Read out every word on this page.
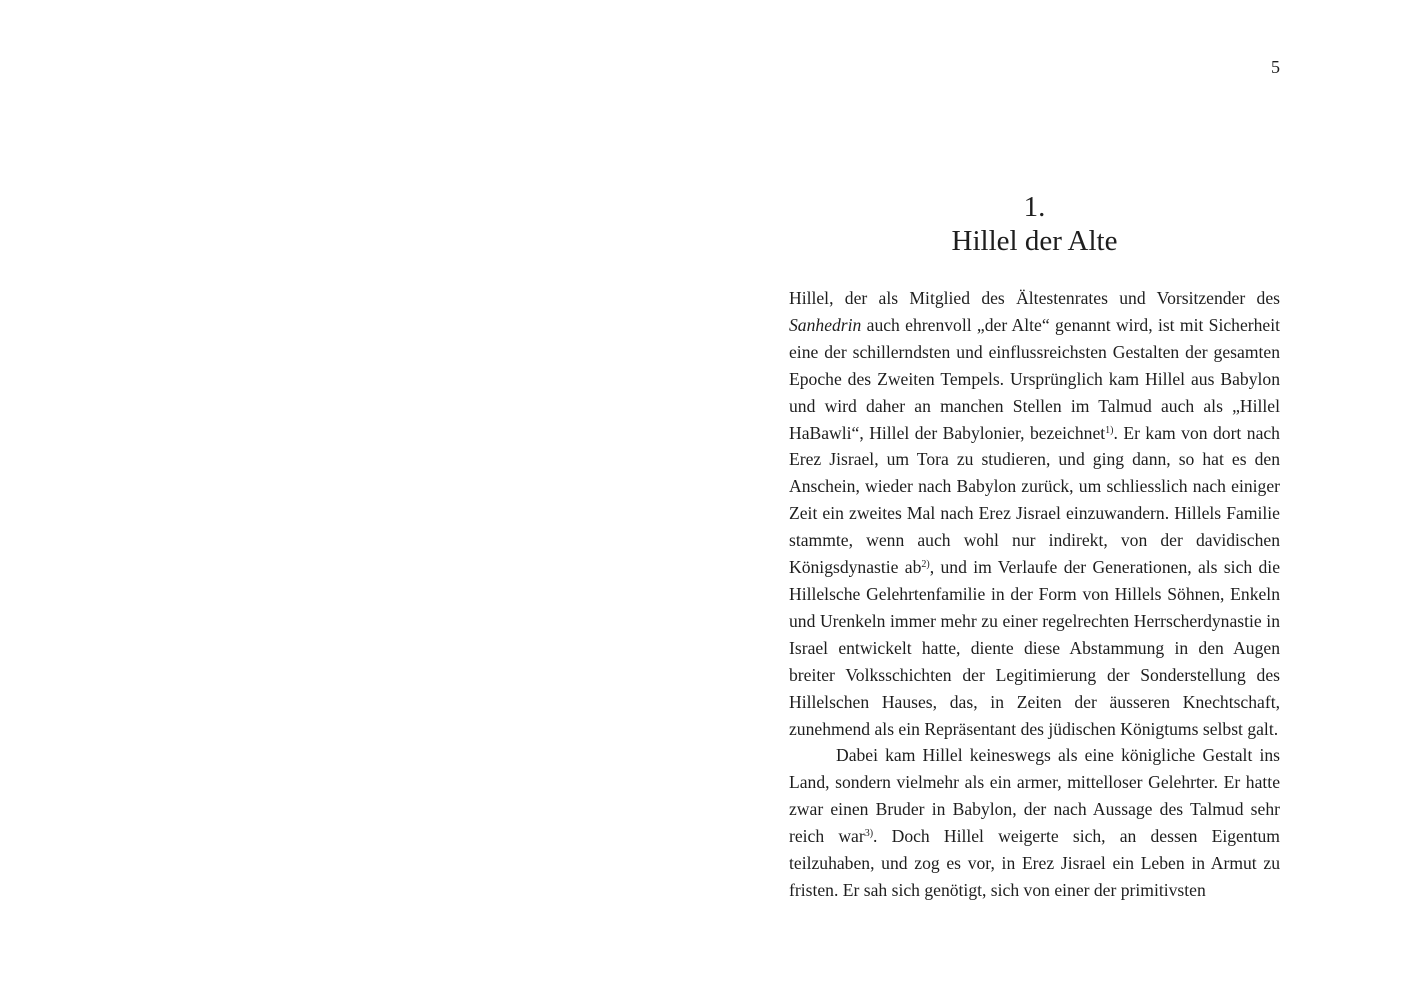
5
1.
Hillel der Alte

Hillel, der als Mitglied des Ältestenrates und Vorsitzender des Sanhedrin auch ehrenvoll „der Alte“ genannt wird, ist mit Sicherheit eine der schillerndsten und einflussreichsten Gestalten der gesamten Epoche des Zweiten Tempels. Ursprünglich kam Hillel aus Babylon und wird daher an manchen Stellen im Talmud auch als „Hillel HaBawli“, Hillel der Babylonier, bezeichnet$^{1)}$. Er kam von dort nach Erez Jisrael, um Tora zu studieren, und ging dann, so hat es den Anschein, wieder nach Babylon zurück, um schliesslich nach einiger Zeit ein zweites Mal nach Erez Jisrael einzuwandern. Hillels Familie stammte, wenn auch wohl nur indirekt, von der davidischen Königsdynastie $ab^{2)}$, und im Verlaufe der Generationen, als sich die Hillelsche Gelehrtenfamilie in der Form von Hillels Söhnen, Enkeln und Urenkeln immer mehr zu einer regelrechten Herrscherdynastie in Israel entwickelt hatte, diente diese Abstammung in den Augen breiter Volksschichten der Legitimierung der Sonderstellung des Hillelschen Hauses, das, in Zeiten der äusseren Knechtschaft, zunehmend als ein Repräsentant des jüdischen Königtums selbst galt.

Dabei kam Hillel keineswegs als eine königliche Gestalt ins Land, sondern vielmehr als ein armer, mittelloser Gelehrter. Er hatte zwar einen Bruder in Babylon, der nach Aussage des Talmud sehr reich war$^{3)}$. Doch Hillel weigerte sich, an dessen Eigentum teilzuhaben, und zog es vor, in Erez Jisrael ein Leben in Armut zu fristen. Er sah sich genötigt, sich von einer der primitivsten
